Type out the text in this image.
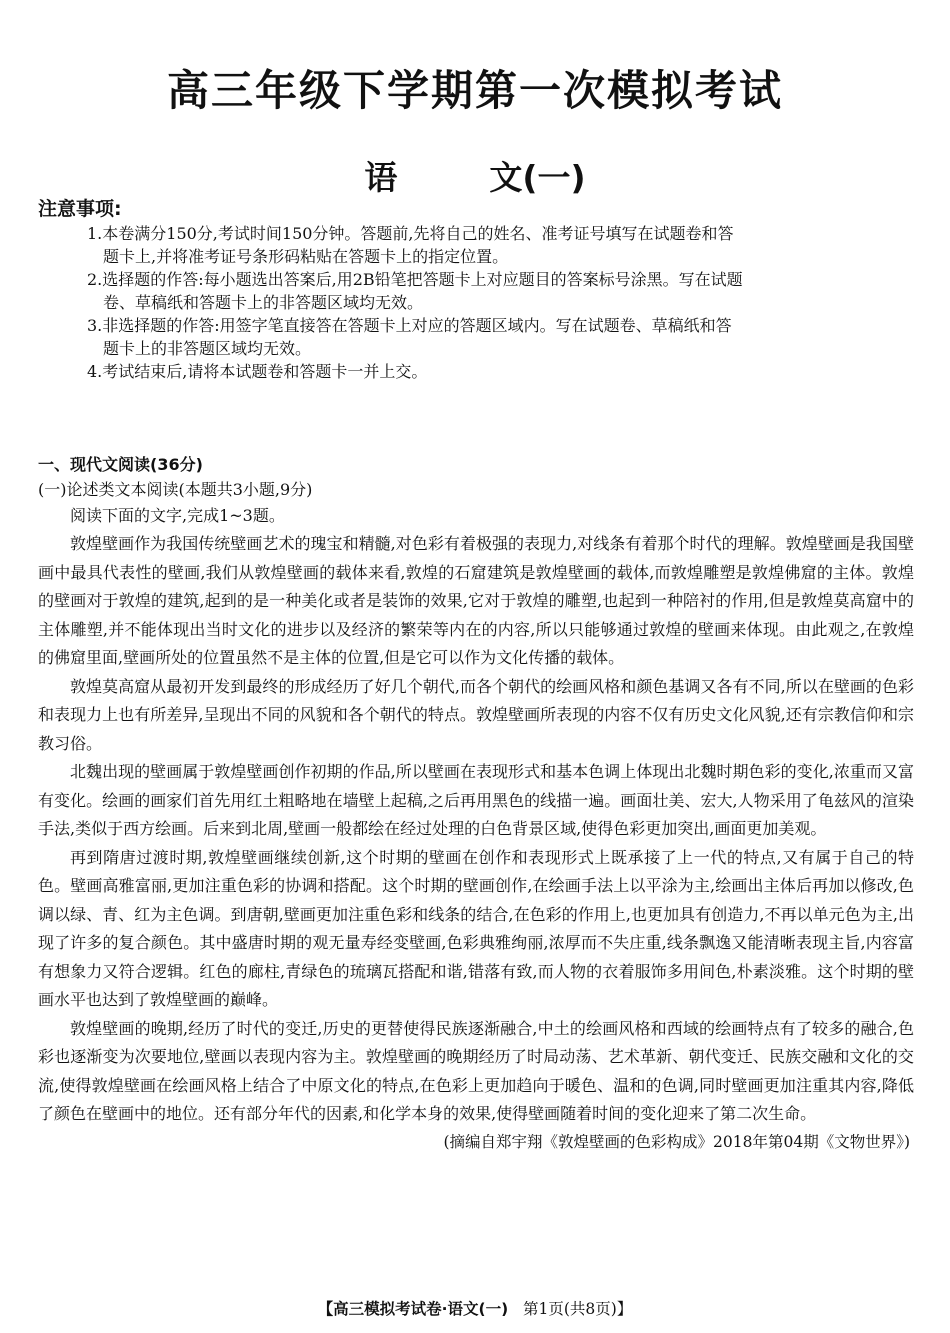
高三年级下学期第一次模拟考试
语	文(一)
注意事项:
1.本卷满分150分,考试时间150分钟。答题前,先将自己的姓名、准考证号填写在试题卷和答题卡上,并将准考证号条形码粘贴在答题卡上的指定位置。
2.选择题的作答:每小题选出答案后,用2B铅笔把答题卡上对应题目的答案标号涂黑。写在试题卷、草稿纸和答题卡上的非答题区域均无效。
3.非选择题的作答:用签字笔直接答在答题卡上对应的答题区域内。写在试题卷、草稿纸和答题卡上的非答题区域均无效。
4.考试结束后,请将本试题卷和答题卡一并上交。
一、现代文阅读(36分)
(一)论述类文本阅读(本题共3小题,9分)
阅读下面的文字,完成1~3题。

敦煌壁画作为我国传统壁画艺术的瑰宝和精髓,对色彩有着极强的表现力,对线条有着那个时代的理解。敦煌壁画是我国壁画中最具代表性的壁画,我们从敦煌壁画的载体来看,敦煌的石窟建筑是敦煌壁画的载体,而敦煌雕塑是敦煌佛窟的主体。敦煌的壁画对于敦煌的建筑,起到的是一种美化或者是装饰的效果,它对于敦煌的雕塑,也起到一种陪衬的作用,但是敦煌莫高窟中的主体雕塑,并不能体现出当时文化的进步以及经济的繁荣等内在的内容,所以只能够通过敦煌的壁画来体现。由此观之,在敦煌的佛窟里面,壁画所处的位置虽然不是主体的位置,但是它可以作为文化传播的载体。

敦煌莫高窟从最初开发到最终的形成经历了好几个朝代,而各个朝代的绘画风格和颜色基调又各有不同,所以在壁画的色彩和表现力上也有所差异,呈现出不同的风貌和各个朝代的特点。敦煌壁画所表现的内容不仅有历史文化风貌,还有宗教信仰和宗教习俗。

北魏出现的壁画属于敦煌壁画创作初期的作品,所以壁画在表现形式和基本色调上体现出北魏时期色彩的变化,浓重而又富有变化。绘画的画家们首先用红土粗略地在墙壁上起稿,之后再用黑色的线描一遍。画面壮美、宏大,人物采用了龟兹风的渲染手法,类似于西方绘画。后来到北周,壁画一般都绘在经过处理的白色背景区域,使得色彩更加突出,画面更加美观。

再到隋唐过渡时期,敦煌壁画继续创新,这个时期的壁画在创作和表现形式上既承接了上一代的特点,又有属于自己的特色。壁画高雅富丽,更加注重色彩的协调和搭配。这个时期的壁画创作,在绘画手法上以平涂为主,绘画出主体后再加以修改,色调以绿、青、红为主色调。到唐朝,壁画更加注重色彩和线条的结合,在色彩的作用上,也更加具有创造力,不再以单元色为主,出现了许多的复合颜色。其中盛唐时期的观无量寿经变壁画,色彩典雅绚丽,浓厚而不失庄重,线条飘逸又能清晰表现主旨,内容富有想象力又符合逻辑。红色的廊柱,青绿色的琉璃瓦搭配和谐,错落有致,而人物的衣着服饰多用间色,朴素淡雅。这个时期的壁画水平也达到了敦煌壁画的巅峰。

敦煌壁画的晚期,经历了时代的变迁,历史的更替使得民族逐渐融合,中土的绘画风格和西域的绘画特点有了较多的融合,色彩也逐渐变为次要地位,壁画以表现内容为主。敦煌壁画的晚期经历了时局动荡、艺术革新、朝代变迁、民族交融和文化的交流,使得敦煌壁画在绘画风格上结合了中原文化的特点,在色彩上更加趋向于暖色、温和的色调,同时壁画更加注重其内容,降低了颜色在壁画中的地位。还有部分年代的因素,和化学本身的效果,使得壁画随着时间的变化迎来了第二次生命。

(摘编自郑宇翔《敦煌壁画的色彩构成》2018年第04期《文物世界》)
【高三模拟考试卷·语文(一) 第1页(共8页)】
